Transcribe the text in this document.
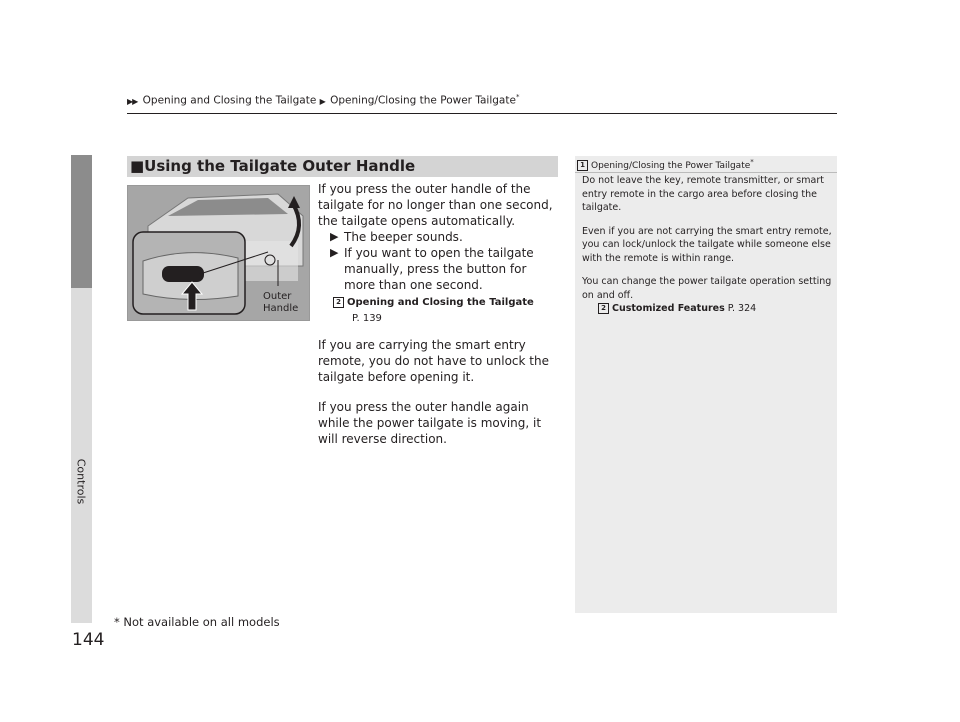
Controls
▶▶ Opening and Closing the Tailgate ▶ Opening/Closing the Power Tailgate*
■Using the Tailgate Outer Handle
Outer
Handle

If you press the outer handle of the tailgate for no longer than one second, the tailgate opens automatically.

▶ The beeper sounds.
▶ If you want to open the tailgate manually, press the button for more than one second.
2 Opening and Closing the Tailgate
P. 139

If you are carrying the smart entry remote, you do not have to unlock the tailgate before opening it.

If you press the outer handle again while the power tailgate is moving, it will reverse direction.

1 Opening/Closing the Power Tailgate*

Do not leave the key, remote transmitter, or smart entry remote in the cargo area before closing the tailgate.

Even if you are not carrying the smart entry remote, you can lock/unlock the tailgate while someone else with the remote is within range.

You can change the power tailgate operation setting on and off.

2 Customized Features P. 324
144
* Not available on all models
